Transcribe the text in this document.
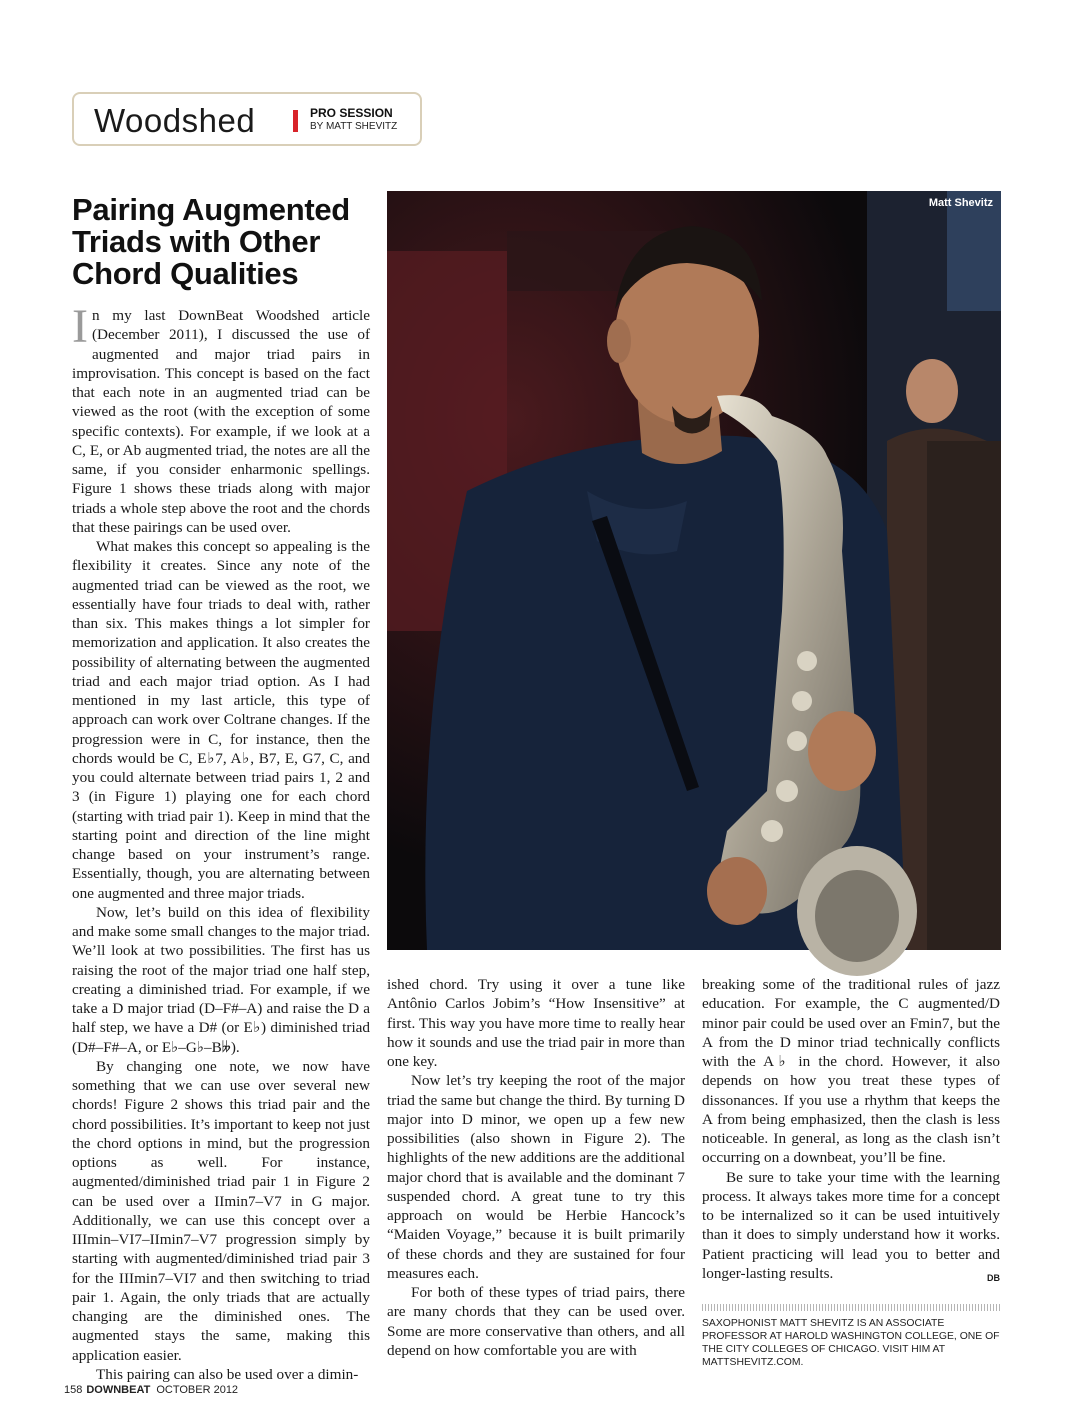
Woodshed	PRO SESSION
BY MATT SHEVITZ
Pairing Augmented Triads with Other Chord Qualities

In my last DownBeat Woodshed article (December 2011), I discussed the use of augmented and major triad pairs in improvisation. This concept is based on the fact that each note in an augmented triad can be viewed as the root (with the exception of some specific contexts). For example, if we look at a C, E, or Ab augmented triad, the notes are all the same, if you consider enharmonic spellings. Figure 1 shows these triads along with major triads a whole step above the root and the chords that these pairings can be used over.

What makes this concept so appealing is the flexibility it creates. Since any note of the augmented triad can be viewed as the root, we essentially have four triads to deal with, rather than six. This makes things a lot simpler for memorization and application. It also creates the possibility of alternating between the augmented triad and each major triad option. As I had mentioned in my last article, this type of approach can work over Coltrane changes. If the progression were in C, for instance, then the chords would be C, E♭7, A♭, B7, E, G7, C, and you could alternate between triad pairs 1, 2 and 3 (in Figure 1) playing one for each chord (starting with triad pair 1). Keep in mind that the starting point and direction of the line might change based on your instrument’s range. Essentially, though, you are alternating between one augmented and three major triads.

Now, let’s build on this idea of flexibility and make some small changes to the major triad. We’ll look at two possibilities. The first has us raising the root of the major triad one half step, creating a diminished triad. For example, if we take a D major triad (D–F#–A) and raise the D a half step, we have a D# (or E♭) diminished triad (D#–F#–A, or E♭–G♭–B𝄫).

By changing one note, we now have something that we can use over several new chords! Figure 2 shows this triad pair and the chord possibilities. It’s important to keep not just the chord options in mind, but the progression options as well. For instance, augmented/diminished triad pair 1 in Figure 2 can be used over a IImin7–V7 in G major. Additionally, we can use this concept over a IIImin–VI7–IImin7–V7 progression simply by starting with augmented/diminished triad pair 3 for the IIImin7–VI7 and then switching to triad pair 1. Again, the only triads that are actually changing are the diminished ones. The augmented stays the same, making this application easier.

This pairing can also be used over a dimin-

Matt Shevitz

ished chord. Try using it over a tune like Antônio Carlos Jobim’s “How Insensitive” at first. This way you have more time to really hear how it sounds and use the triad pair in more than one key.

Now let’s try keeping the root of the major triad the same but change the third. By turning D major into D minor, we open up a few new possibilities (also shown in Figure 2). The highlights of the new additions are the additional major chord that is available and the dominant 7 suspended chord. A great tune to try this approach on would be Herbie Hancock’s “Maiden Voyage,” because it is built primarily of these chords and they are sustained for four measures each.

For both of these types of triad pairs, there are many chords that they can be used over. Some are more conservative than others, and all depend on how comfortable you are with

breaking some of the traditional rules of jazz education. For example, the C augmented/D minor pair could be used over an Fmin7, but the A from the D minor triad technically conflicts with the A♭ in the chord. However, it also depends on how you treat these types of dissonances. If you use a rhythm that keeps the A from being emphasized, then the clash is less noticeable. In general, as long as the clash isn’t occurring on a downbeat, you’ll be fine.

Be sure to take your time with the learning process. It always takes more time for a concept to be internalized so it can be used intuitively than it does to simply understand how it works. Patient practicing will lead you to better and longer-lasting results.	DB

SAXOPHONIST MATT SHEVITZ IS AN ASSOCIATE PROFESSOR AT HAROLD WASHINGTON COLLEGE, ONE OF THE CITY COLLEGES OF CHICAGO. VISIT HIM AT MATTSHEVITZ.COM.

158 DOWNBEAT OCTOBER 2012
